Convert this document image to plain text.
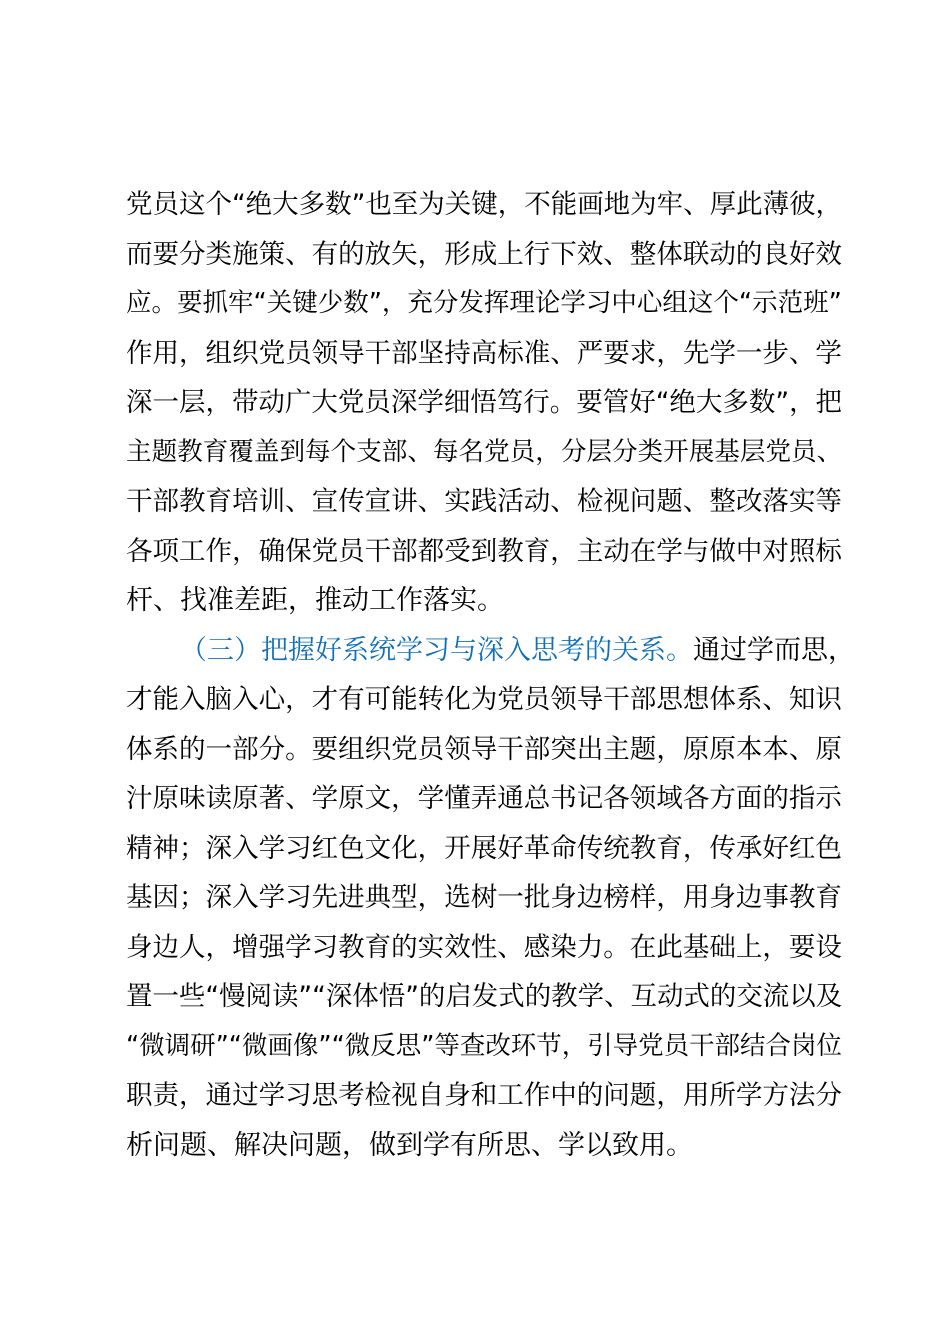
党员这个“绝大多数”也至为关键，不能画地为牢、厚此薄彼，
而要分类施策、有的放矢，形成上行下效、整体联动的良好效
应。要抓牢“关键少数”，充分发挥理论学习中心组这个“示范班”
作用，组织党员领导干部坚持高标准、严要求，先学一步、学
深一层，带动广大党员深学细悟笃行。要管好“绝大多数”，把
主题教育覆盖到每个支部、每名党员，分层分类开展基层党员、
干部教育培训、宣传宣讲、实践活动、检视问题、整改落实等
各项工作，确保党员干部都受到教育，主动在学与做中对照标
杆、找准差距，推动工作落实。
（三）把握好系统学习与深入思考的关系。 通过学而思，
才能入脑入心，才有可能转化为党员领导干部思想体系、知识
体系的一部分。要组织党员领导干部突出主题，原原本本、原
汁原味读原著、学原文，学懂弄通总书记各领域各方面的指示
精神；深入学习红色文化，开展好革命传统教育，传承好红色
基因；深入学习先进典型，选树一批身边榜样，用身边事教育
身边人，增强学习教育的实效性、感染力。在此基础上，要设
置一些“慢阅读”“深体悟”的启发式的教学、互动式的交流以及
“微调研”“微画像”“微反思”等查改环节，引导党员干部结合岗位
职责，通过学习思考检视自身和工作中的问题，用所学方法分
析问题、解决问题，做到学有所思、学以致用。
